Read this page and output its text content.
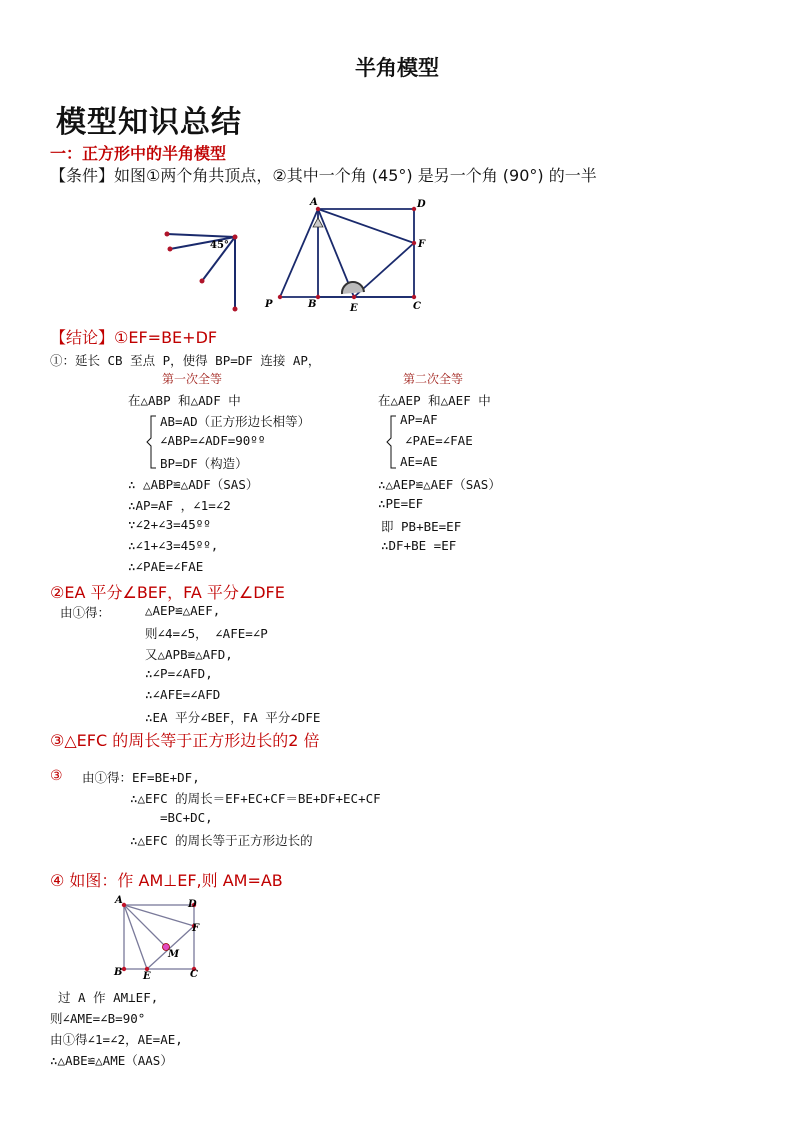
半角模型
模型知识总结
一：正方形中的半角模型
【条件】如图①两个角共顶点，②其中一个角 (45°) 是另一个角 (90°) 的一半
45°
A	D
F
P	B	E	C
【结论】①EF=BE+DF
①：延长 CB 至点 P，使得 BP=DF 连接 AP，
第一次全等	第二次全等
在△ABP 和△ADF 中
AB=AD（正方形边长相等）
∠ABP=∠ADF=90ºº
BP=DF（构造）
∴ △ABP≌△ADF（SAS）
∴AP=AF ，∠1=∠2
∵∠2+∠3=45ºº
∴∠1+∠3=45ºº,
∴∠PAE=∠FAE
在△AEP 和△AEF 中
AP=AF
∠PAE=∠FAE
AE=AE
∴△AEP≌△AEF（SAS）
∴PE=EF
即 PB+BE=EF
∴DF+BE =EF
②EA 平分∠BEF，FA 平分∠DFE
由①得：	△AEP≌△AEF,
则∠4=∠5， ∠AFE=∠P
又△APB≌△AFD,
∴∠P=∠AFD,
∴∠AFE=∠AFD
∴EA 平分∠BEF，FA 平分∠DFE
③△EFC 的周长等于正方形边长的2 倍
③ 由①得：EF=BE+DF,
∴△EFC 的周长＝EF+EC+CF＝BE+DF+EC+CF
=BC+DC,
∴△EFC 的周长等于正方形边长的
④ 如图：作 AM⊥EF,则 AM=AB
A	D
F
M
B E	C
过 A 作 AM⊥EF,
则∠AME=∠B=90°
由①得∠1=∠2，AE=AE,
∴△ABE≌△AME（AAS）
